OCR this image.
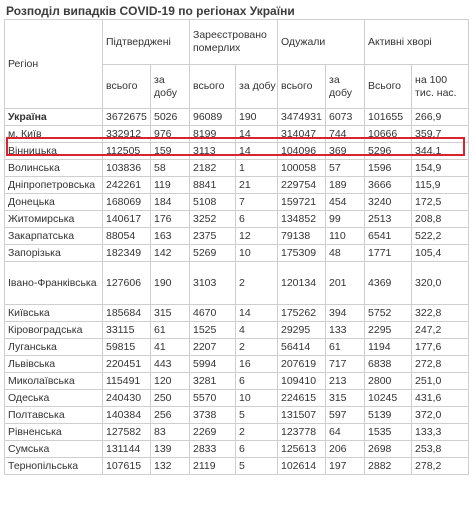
Розподіл випадків COVID-19 по регіонах України
Регіон	Підтверджені		Зареєстровано померлих		Одужали		Активні хворі	
	всього	за добу	всього	за добу	всього	за добу	Всього	на 100 тис. нас.
Україна	3672675	5026	96089	190	3474931	6073	101655	266,9
м. Київ	332912	976	8199	14	314047	744	10666	359,7
Вінницька	112505	159	3113	14	104096	369	5296	344,1
Волинська	103836	58	2182	1	100058	57	1596	154,9
Дніпропетровська	242261	119	8841	21	229754	189	3666	115,9
Донецька	168069	184	5108	7	159721	454	3240	172,5
Житомирська	140617	176	3252	6	134852	99	2513	208,8
Закарпатська	88054	163	2375	12	79138	110	6541	522,2
Запорізька	182349	142	5269	10	175309	48	1771	105,4
Івано-Франківська	127606	190	3103	2	120134	201	4369	320,0
Київська	185684	315	4670	14	175262	394	5752	322,8
Кіровоградська	33115	61	1525	4	29295	133	2295	247,2
Луганська	59815	41	2207	2	56414	61	1194	177,6
Львівська	220451	443	5994	16	207619	717	6838	272,8
Миколаївська	115491	120	3281	6	109410	213	2800	251,0
Одеська	240430	250	5570	10	224615	315	10245	431,6
Полтавська	140384	256	3738	5	131507	597	5139	372,0
Рівненська	127582	83	2269	2	123778	64	1535	133,3
Сумська	131144	139	2833	6	125613	206	2698	253,8
Тернопільська	107615	132	2119	5	102614	197	2882	278,2
